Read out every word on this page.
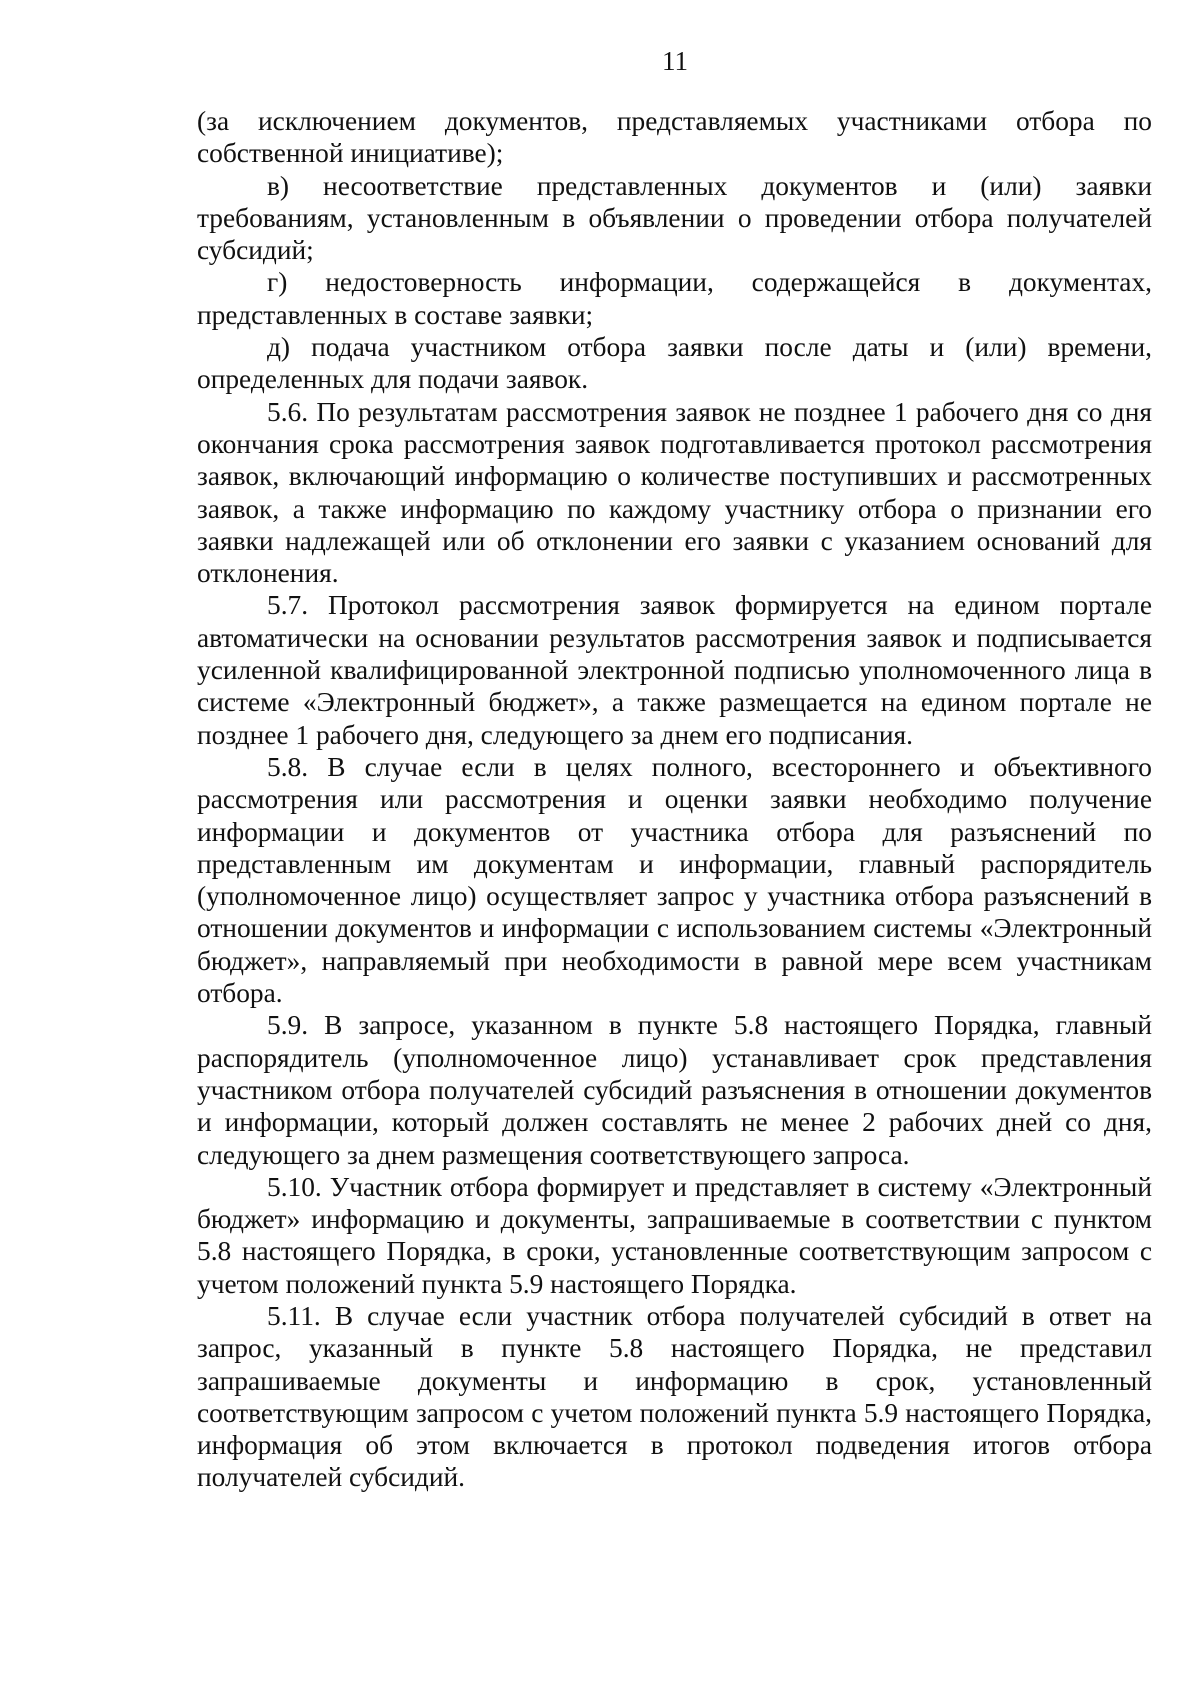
11

(за исключением документов, представляемых участниками отбора по собственной инициативе);

в) несоответствие представленных документов и (или) заявки требованиям, установленным в объявлении о проведении отбора получателей субсидий;

г) недостоверность информации, содержащейся в документах, представленных в составе заявки;

д) подача участником отбора заявки после даты и (или) времени, определенных для подачи заявок.

5.6. По результатам рассмотрения заявок не позднее 1 рабочего дня со дня окончания срока рассмотрения заявок подготавливается протокол рассмотрения заявок, включающий информацию о количестве поступивших и рассмотренных заявок, а также информацию по каждому участнику отбора о признании его заявки надлежащей или об отклонении его заявки с указанием оснований для отклонения.

5.7. Протокол рассмотрения заявок формируется на едином портале автоматически на основании результатов рассмотрения заявок и подписывается усиленной квалифицированной электронной подписью уполномоченного лица в системе «Электронный бюджет», а также размещается на едином портале не позднее 1 рабочего дня, следующего за днем его подписания.

5.8. В случае если в целях полного, всестороннего и объективного рассмотрения или рассмотрения и оценки заявки необходимо получение информации и документов от участника отбора для разъяснений по представленным им документам и информации, главный распорядитель (уполномоченное лицо) осуществляет запрос у участника отбора разъяснений в отношении документов и информации с использованием системы «Электронный бюджет», направляемый при необходимости в равной мере всем участникам отбора.

5.9. В запросе, указанном в пункте 5.8 настоящего Порядка, главный распорядитель (уполномоченное лицо) устанавливает срок представления участником отбора получателей субсидий разъяснения в отношении документов и информации, который должен составлять не менее 2 рабочих дней со дня, следующего за днем размещения соответствующего запроса.

5.10. Участник отбора формирует и представляет в систему «Электронный бюджет» информацию и документы, запрашиваемые в соответствии с пунктом 5.8 настоящего Порядка, в сроки, установленные соответствующим запросом с учетом положений пункта 5.9 настоящего Порядка.

5.11. В случае если участник отбора получателей субсидий в ответ на запрос, указанный в пункте 5.8 настоящего Порядка, не представил запрашиваемые документы и информацию в срок, установленный соответствующим запросом с учетом положений пункта 5.9 настоящего Порядка, информация об этом включается в протокол подведения итогов отбора получателей субсидий.
